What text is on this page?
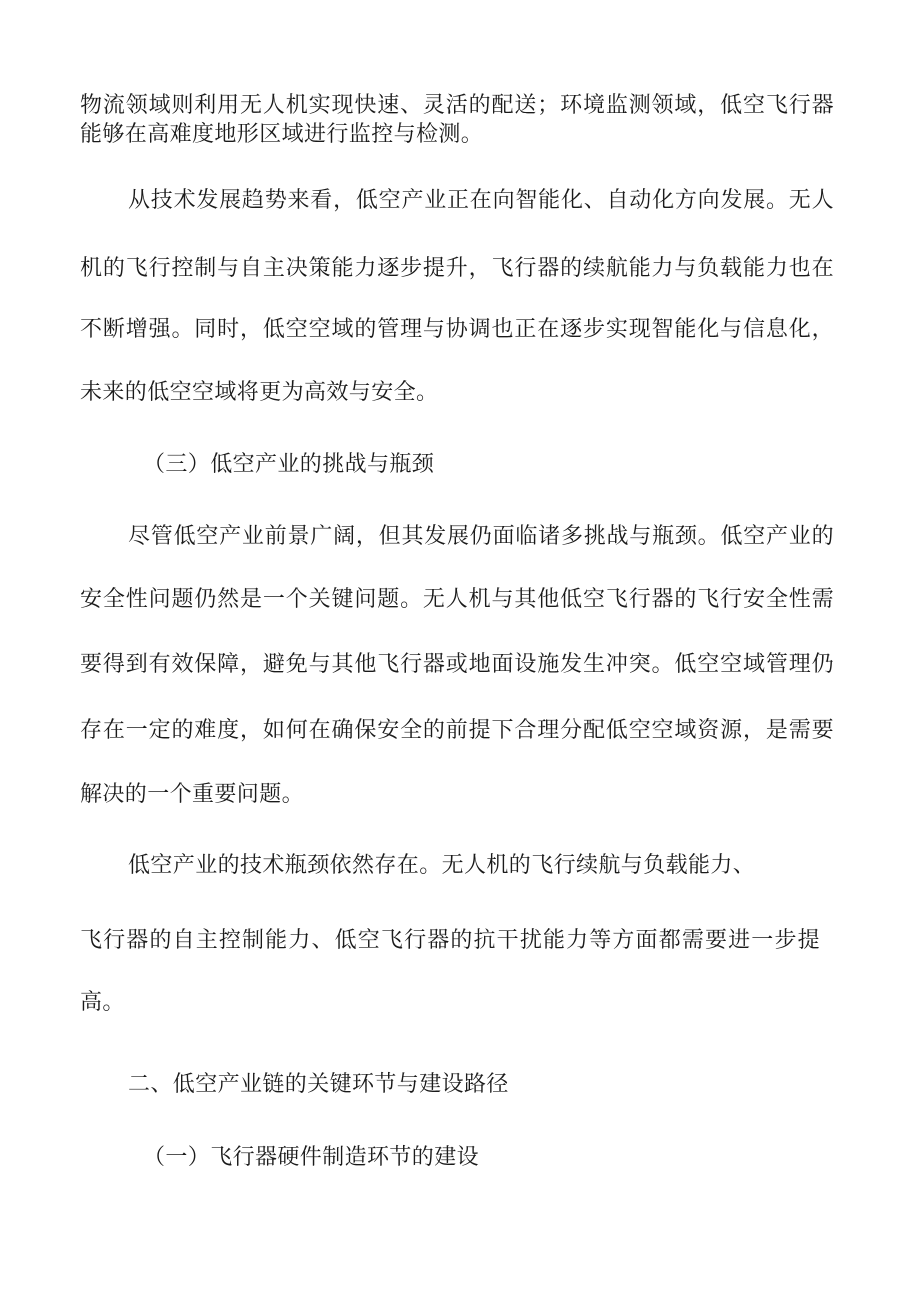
物流领域则利用无人机实现快速、灵活的配送；环境监测领域，低空飞行器
能够在高难度地形区域进行监控与检测。
从技术发展趋势来看，低空产业正在向智能化、自动化方向发展。无人
机的飞行控制与自主决策能力逐步提升，飞行器的续航能力与负载能力也在
不断增强。同时，低空空域的管理与协调也正在逐步实现智能化与信息化，
未来的低空空域将更为高效与安全。
（三）低空产业的挑战与瓶颈
尽管低空产业前景广阔，但其发展仍面临诸多挑战与瓶颈。低空产业的
安全性问题仍然是一个关键问题。无人机与其他低空飞行器的飞行安全性需
要得到有效保障，避免与其他飞行器或地面设施发生冲突。低空空域管理仍
存在一定的难度，如何在确保安全的前提下合理分配低空空域资源，是需要
解决的一个重要问题。
低空产业的技术瓶颈依然存在。无人机的飞行续航与负载能力、
飞行器的自主控制能力、低空飞行器的抗干扰能力等方面都需要进一步提
高。
二、低空产业链的关键环节与建设路径
（一）飞行器硬件制造环节的建设
